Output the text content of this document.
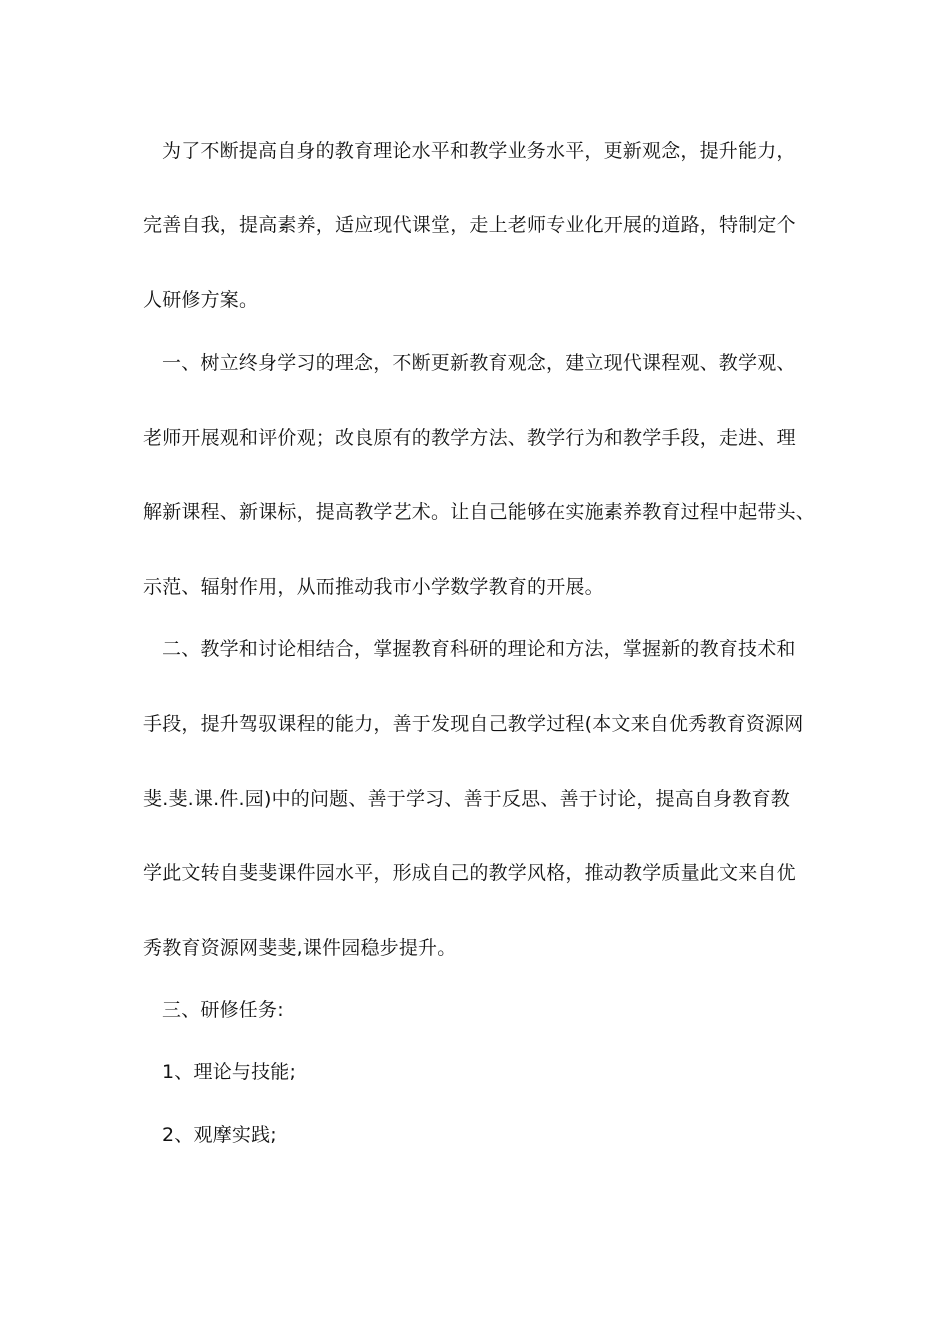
为了不断提高自身的教育理论水平和教学业务水平，更新观念，提升能力，
完善自我，提高素养，适应现代课堂，走上老师专业化开展的道路，特制定个
人研修方案。
一、树立终身学习的理念，不断更新教育观念，建立现代课程观、教学观、
老师开展观和评价观；改良原有的教学方法、教学行为和教学手段，走进、理
解新课程、新课标，提高教学艺术。让自己能够在实施素养教育过程中起带头、
示范、辐射作用，从而推动我市小学数学教育的开展。
二、教学和讨论相结合，掌握教育科研的理论和方法，掌握新的教育技术和
手段，提升驾驭课程的能力，善于发现自己教学过程(本文来自优秀教育资源网
斐.斐.课.件.园)中的问题、善于学习、善于反思、善于讨论，提高自身教育教
学此文转自斐斐课件园水平，形成自己的教学风格，推动教学质量此文来自优
秀教育资源网斐斐,课件园稳步提升。
三、研修任务:
1、理论与技能;
2、观摩实践;
